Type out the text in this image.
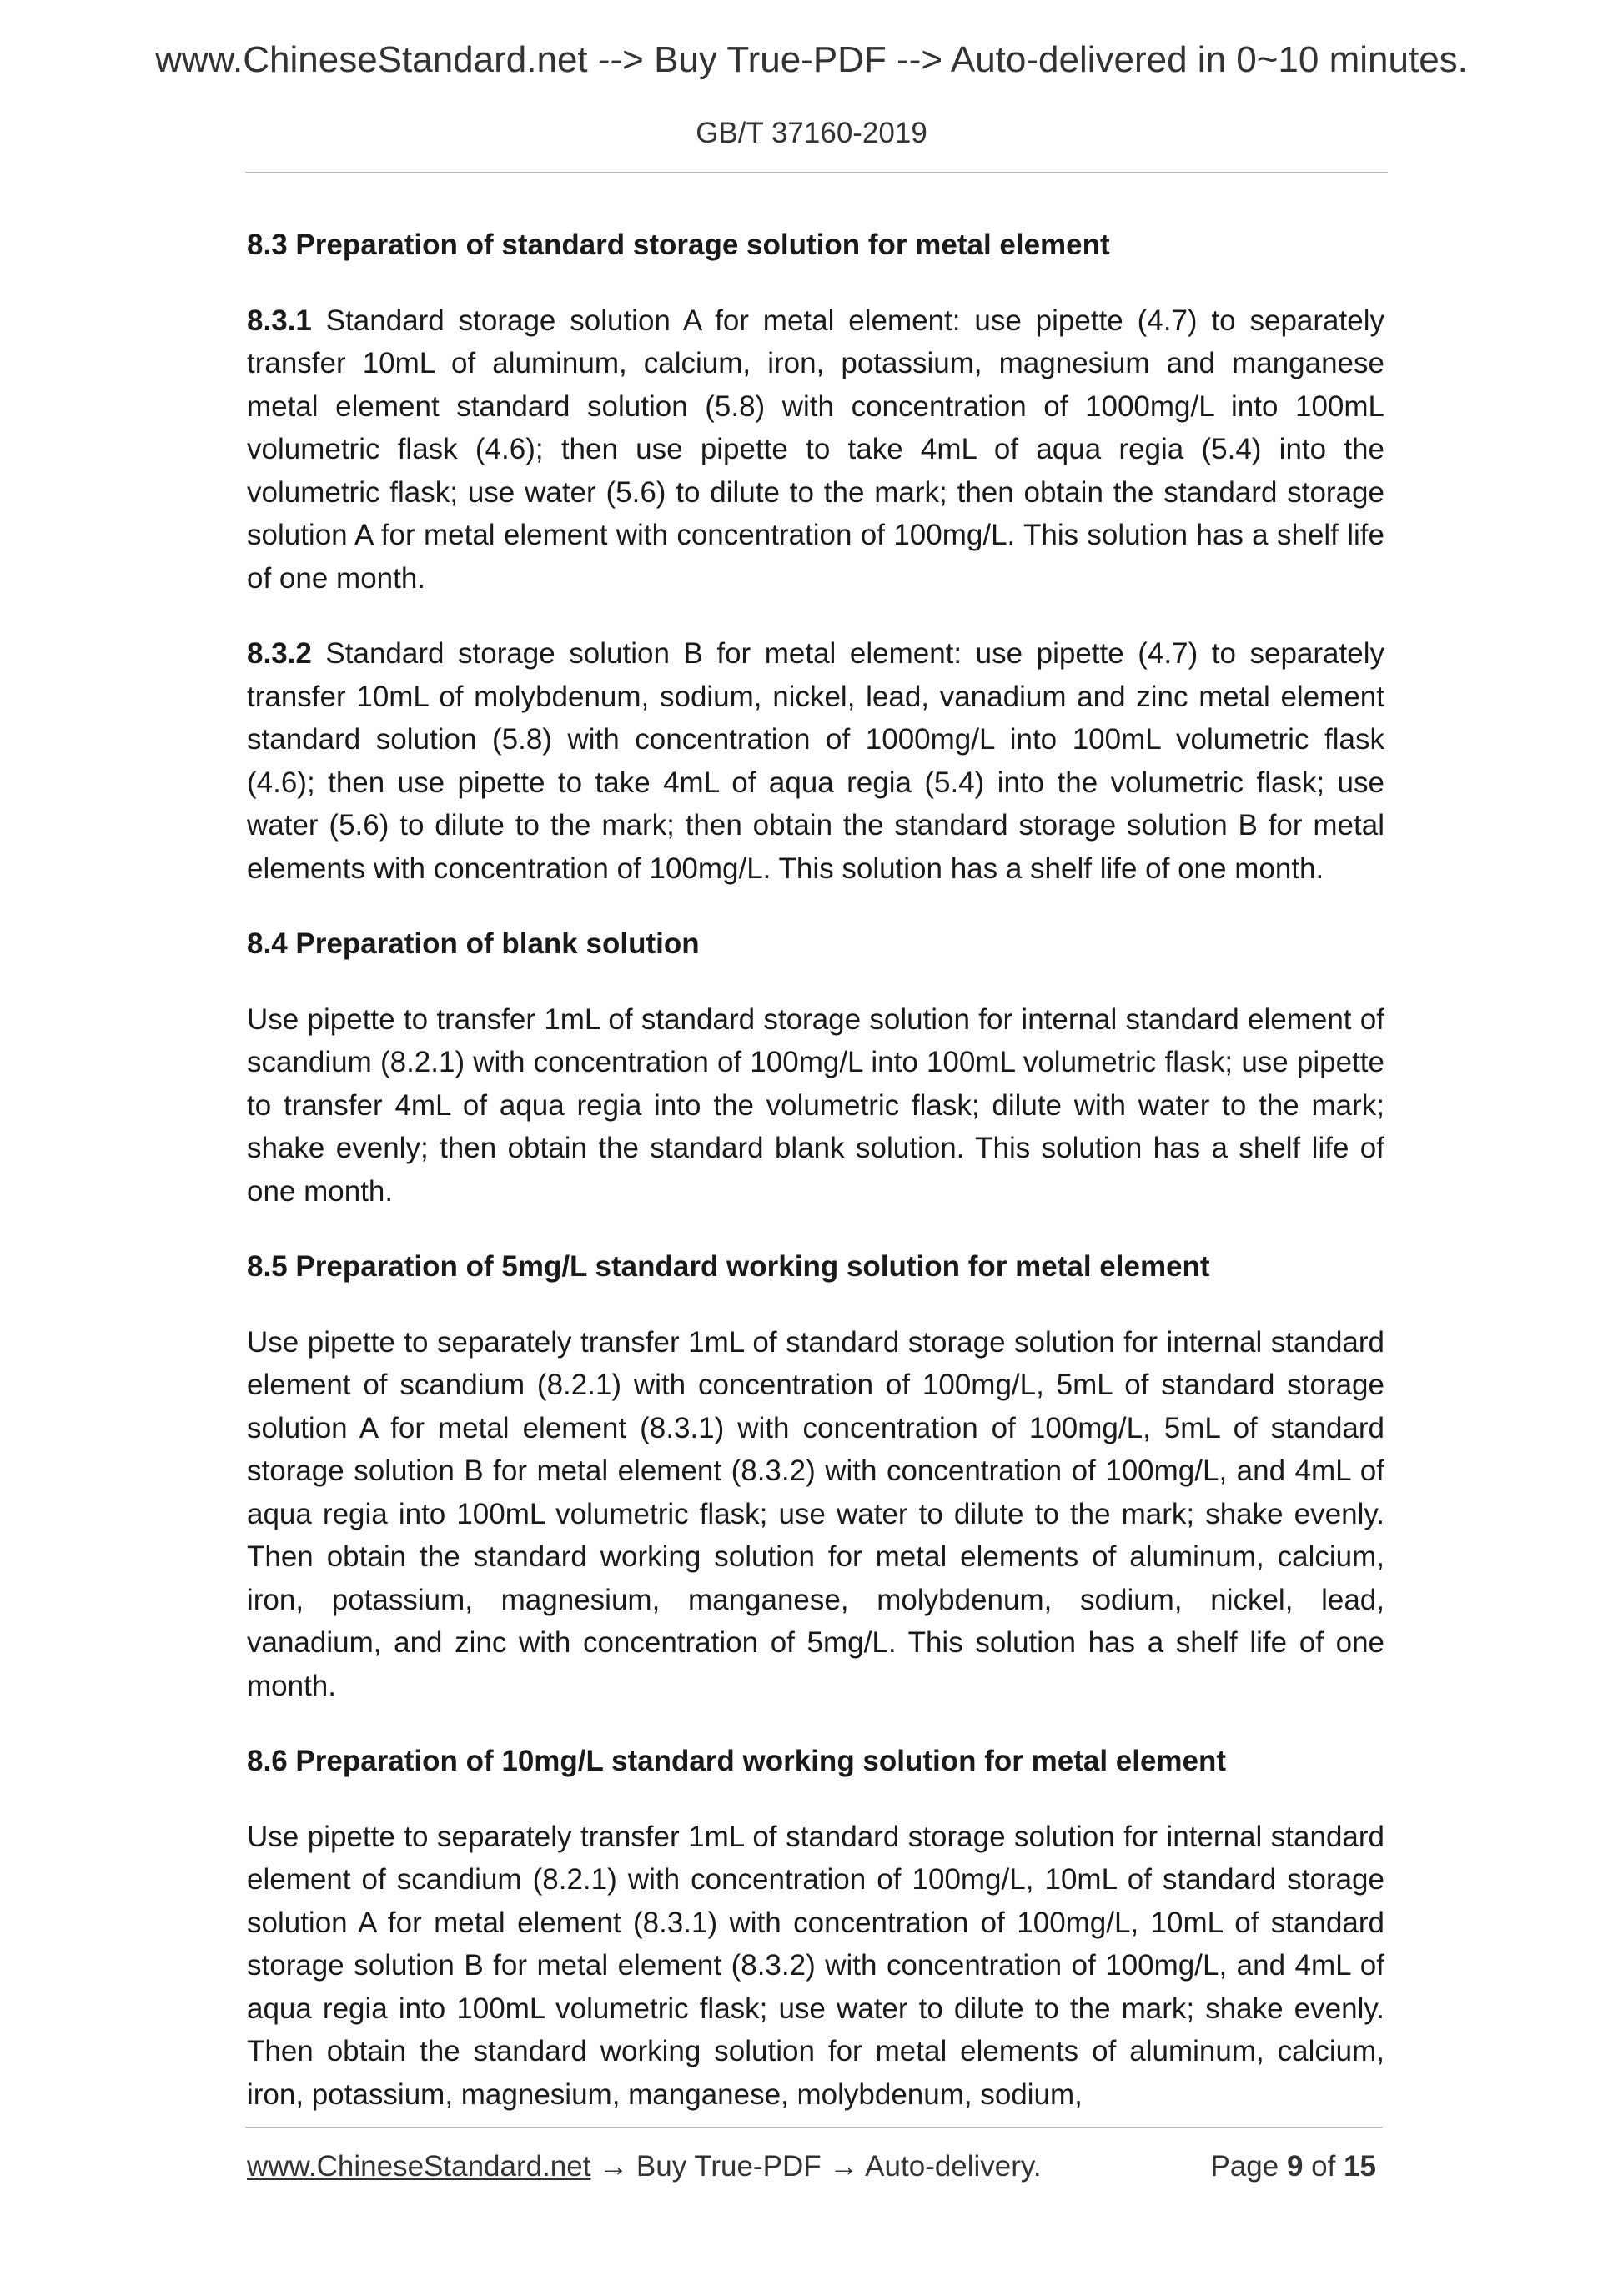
www.ChineseStandard.net --> Buy True-PDF --> Auto-delivered in 0~10 minutes.
GB/T 37160-2019
8.3 Preparation of standard storage solution for metal element
8.3.1 Standard storage solution A for metal element: use pipette (4.7) to separately transfer 10mL of aluminum, calcium, iron, potassium, magnesium and manganese metal element standard solution (5.8) with concentration of 1000mg/L into 100mL volumetric flask (4.6); then use pipette to take 4mL of aqua regia (5.4) into the volumetric flask; use water (5.6) to dilute to the mark; then obtain the standard storage solution A for metal element with concentration of 100mg/L. This solution has a shelf life of one month.
8.3.2 Standard storage solution B for metal element: use pipette (4.7) to separately transfer 10mL of molybdenum, sodium, nickel, lead, vanadium and zinc metal element standard solution (5.8) with concentration of 1000mg/L into 100mL volumetric flask (4.6); then use pipette to take 4mL of aqua regia (5.4) into the volumetric flask; use water (5.6) to dilute to the mark; then obtain the standard storage solution B for metal elements with concentration of 100mg/L. This solution has a shelf life of one month.
8.4 Preparation of blank solution
Use pipette to transfer 1mL of standard storage solution for internal standard element of scandium (8.2.1) with concentration of 100mg/L into 100mL volumetric flask; use pipette to transfer 4mL of aqua regia into the volumetric flask; dilute with water to the mark; shake evenly; then obtain the standard blank solution. This solution has a shelf life of one month.
8.5 Preparation of 5mg/L standard working solution for metal element
Use pipette to separately transfer 1mL of standard storage solution for internal standard element of scandium (8.2.1) with concentration of 100mg/L, 5mL of standard storage solution A for metal element (8.3.1) with concentration of 100mg/L, 5mL of standard storage solution B for metal element (8.3.2) with concentration of 100mg/L, and 4mL of aqua regia into 100mL volumetric flask; use water to dilute to the mark; shake evenly. Then obtain the standard working solution for metal elements of aluminum, calcium, iron, potassium, magnesium, manganese, molybdenum, sodium, nickel, lead, vanadium, and zinc with concentration of 5mg/L. This solution has a shelf life of one month.
8.6 Preparation of 10mg/L standard working solution for metal element
Use pipette to separately transfer 1mL of standard storage solution for internal standard element of scandium (8.2.1) with concentration of 100mg/L, 10mL of standard storage solution A for metal element (8.3.1) with concentration of 100mg/L, 10mL of standard storage solution B for metal element (8.3.2) with concentration of 100mg/L, and 4mL of aqua regia into 100mL volumetric flask; use water to dilute to the mark; shake evenly. Then obtain the standard working solution for metal elements of aluminum, calcium, iron, potassium, magnesium, manganese, molybdenum, sodium,
www.ChineseStandard.net → Buy True-PDF → Auto-delivery.	Page 9 of 15
